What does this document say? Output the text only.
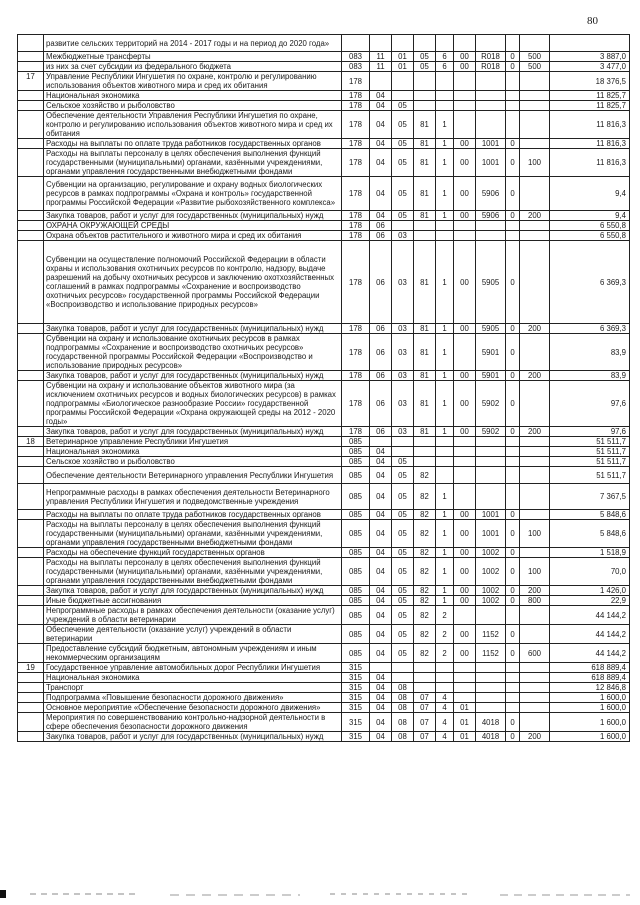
80
	развитие сельских территорий на 2014 - 2017 годы и на период до 2020 года»										
	Межбюджетные трансферты	083	11	01	05	6	00	R018	0	500	3 887,0
	из них за счет субсидии из федерального бюджета	083	11	01	05	6	00	R018	0	500	3 477,0
17	Управление Республики Ингушетия по охране, контролю и регулированию использования объектов животного мира и сред их обитания	178									18 376,5
	Национальная экономика	178	04								11 825,7
	Сельское хозяйство и рыболовство	178	04	05							11 825,7
	Обеспечение деятельности Управления Республики Ингушетия по охране, контролю и регулированию использования объектов животного мира и сред их обитания	178	04	05	81	1					11 816,3
	Расходы на выплаты по оплате труда работников государственных органов	178	04	05	81	1	00	1001	0		11 816,3
	Расходы на выплаты персоналу в целях обеспечения выполнения функций государственными (муниципальными) органами, казёнными учреждениями, органами управления государственными внебюджетными фондами	178	04	05	81	1	00	1001	0	100	11 816,3
	Субвенции на организацию, регулирование и охрану водных биологических ресурсов в рамках подпрограммы «Охрана и контроль» государственной программы Российской Федерации «Развитие рыбохозяйственного комплекса»	178	04	05	81	1	00	5906	0		9,4
	Закупка товаров, работ и услуг для государственных (муниципальных) нужд	178	04	05	81	1	00	5906	0	200	9,4
	ОХРАНА ОКРУЖАЮЩЕЙ СРЕДЫ	178	06								6 550,8
	Охрана объектов растительного и животного мира и сред их обитания	178	06	03							6 550,8
	Субвенции на осуществление полномочий Российской Федерации в области охраны и использования охотничьих ресурсов по контролю, надзору, выдаче разрешений на добычу охотничьих ресурсов и заключению охотхозяйственных соглашений в рамках подпрограммы «Сохранение и воспроизводство охотничьих ресурсов» государственной программы Российской Федерации «Воспроизводство и использование природных ресурсов»	178	06	03	81	1	00	5905	0		6 369,3
	Закупка товаров, работ и услуг для государственных (муниципальных) нужд	178	06	03	81	1	00	5905	0	200	6 369,3
	Субвенции на охрану и использование охотничьих ресурсов в рамках подпрограммы «Сохранение и воспроизводство охотничьих ресурсов» государственной программы Российской Федерации «Воспроизводство и использование природных ресурсов»	178	06	03	81	1		5901	0		83,9
	Закупка товаров, работ и услуг для государственных (муниципальных) нужд	178	06	03	81	1	00	5901	0	200	83,9
	Субвенции на охрану и использование объектов животного мира (за исключением охотничьих ресурсов и водных биологических ресурсов) в рамках подпрограммы «Биологическое разнообразие России» государственной программы Российской Федерации «Охрана окружающей среды на 2012 - 2020 годы»	178	06	03	81	1	00	5902	0		97,6
	Закупка товаров, работ и услуг для государственных (муниципальных) нужд	178	06	03	81	1	00	5902	0	200	97,6
18	Ветеринарное управление Республики Ингушетия	085									51 511,7
	Национальная экономика	085	04								51 511,7
	Сельское хозяйство и рыболовство	085	04	05							51 511,7
	Обеспечение деятельности Ветеринарного управления Республики Ингушетия	085	04	05	82						51 511,7
	Непрограммные расходы в рамках обеспечения деятельности Ветеринарного управления Республики Ингушетия и подведомственные учреждения	085	04	05	82	1					7 367,5
	Расходы на выплаты по оплате труда работников государственных органов	085	04	05	82	1	00	1001	0		5 848,6
	Расходы на выплаты персоналу в целях обеспечения выполнения функций государственными (муниципальными) органами, казёнными учреждениями, органами управления государственными внебюджетными фондами	085	04	05	82	1	00	1001	0	100	5 848,6
	Расходы на обеспечение функций государственных органов	085	04	05	82	1	00	1002	0		1 518,9
	Расходы на выплаты персоналу в целях обеспечения выполнения функций государственными (муниципальными) органами, казёнными учреждениями, органами управления государственными внебюджетными фондами	085	04	05	82	1	00	1002	0	100	70,0
	Закупка товаров, работ и услуг для государственных (муниципальных) нужд	085	04	05	82	1	00	1002	0	200	1 426,0
	Иные бюджетные ассигнования	085	04	05	82	1	00	1002	0	800	22,9
	Непрограммные расходы в рамках обеспечения деятельности (оказание услуг) учреждений в области ветеринарии	085	04	05	82	2					44 144,2
	Обеспечение деятельности (оказание услуг) учреждений в области ветеринарии	085	04	05	82	2	00	1152	0		44 144,2
	Предоставление субсидий бюджетным, автономным учреждениям и иным некоммерческим организациям	085	04	05	82	2	00	1152	0	600	44 144,2
19	Государственное управление автомобильных дорог Республики Ингушетия	315									618 889,4
	Национальная экономика	315	04								618 889,4
	Транспорт	315	04	08							12 846,8
	Подпрограмма «Повышение безопасности дорожного движения»	315	04	08	07	4					1 600,0
	Основное мероприятие «Обеспечение безопасности дорожного движения»	315	04	08	07	4	01				1 600,0
	Мероприятия по совершенствованию контрольно-надзорной деятельности в сфере обеспечения безопасности дорожного движения	315	04	08	07	4	01	4018	0		1 600,0
	Закупка товаров, работ и услуг для государственных (муниципальных) нужд	315	04	08	07	4	01	4018	0	200	1 600,0
